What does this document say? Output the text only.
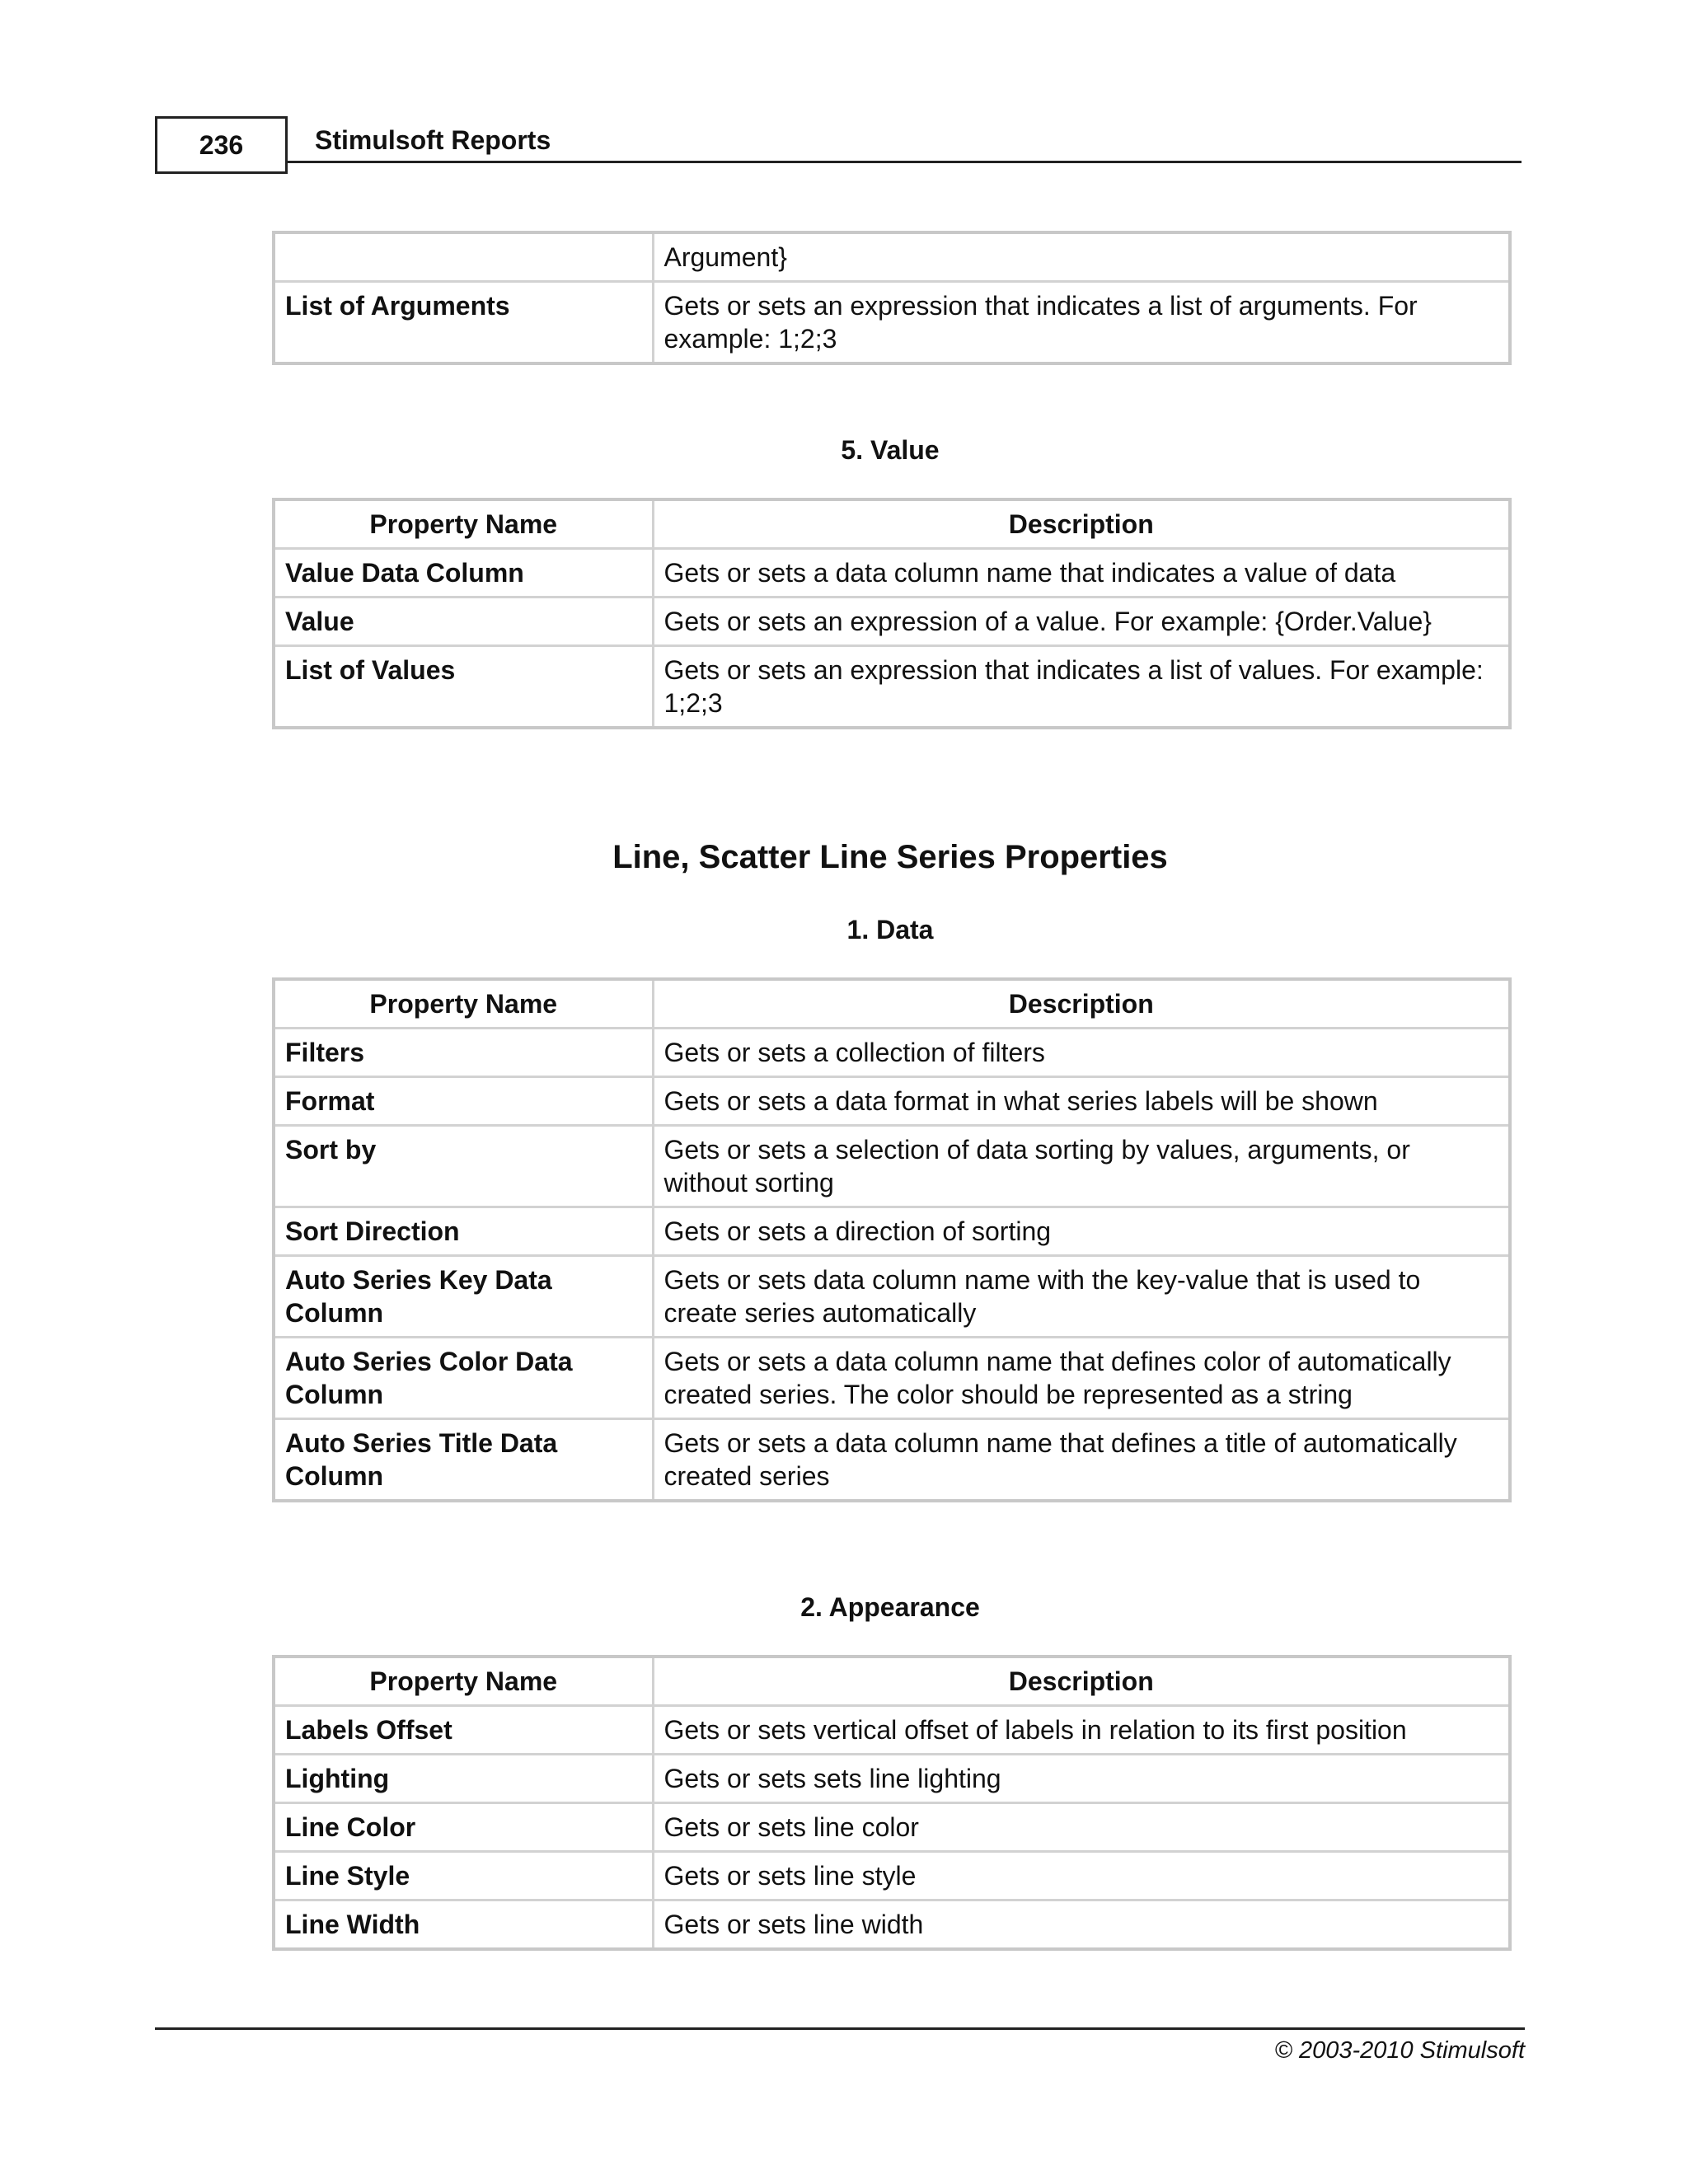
236	Stimulsoft Reports
	Argument}
List of Arguments	Gets or sets an expression that indicates a list of arguments. For example: 1;2;3
5. Value
Property Name	Description
Value Data Column	Gets or sets a data column name that indicates a value of data
Value	Gets or sets an expression of a value. For example: {Order.Value}
List of Values	Gets or sets an expression that indicates a list of values. For example: 1;2;3
Line, Scatter Line Series Properties
1. Data
Property Name	Description
Filters	Gets or sets a collection of filters
Format	Gets or sets a data format in what series labels will be shown
Sort by	Gets or sets a selection of data sorting by values, arguments, or without sorting
Sort Direction	Gets or sets a direction of sorting
Auto Series Key Data Column	Gets or sets data column name with the key-value that is used to create series automatically
Auto Series Color Data Column	Gets or sets a data column name that defines color of automatically created series. The color should be represented as a string
Auto Series Title Data Column	Gets or sets a data column name that defines a title of automatically created series
2. Appearance
Property Name	Description
Labels Offset	Gets or sets vertical offset of labels in relation to its first position
Lighting	Gets or sets sets line lighting
Line Color	Gets or sets line color
Line Style	Gets or sets line style
Line Width	Gets or sets line width
© 2003-2010 Stimulsoft
